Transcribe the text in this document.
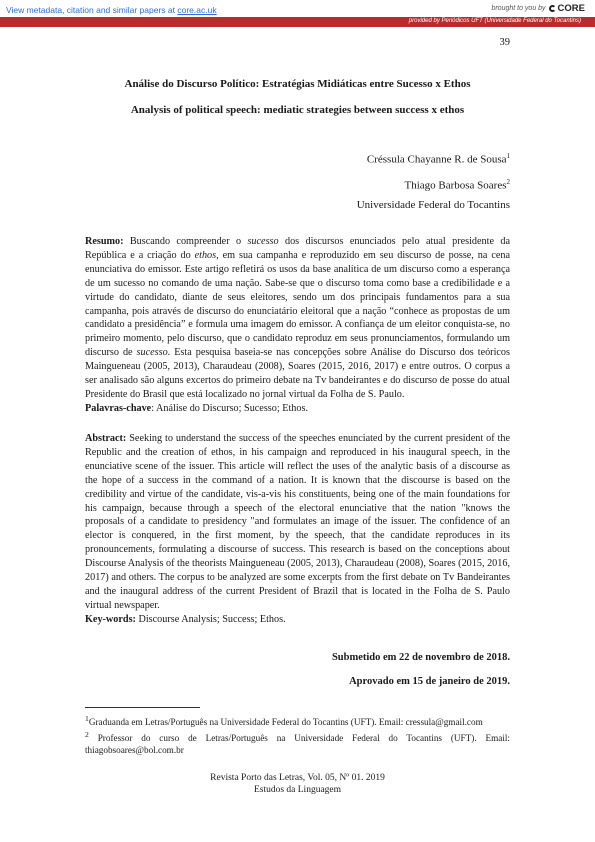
View metadata, citation and similar papers at core.ac.uk	brought to you by CORE
provided by Periódicos UFT (Universidade Federal do Tocantins)
39
Análise do Discurso Político: Estratégias Midiáticas entre Sucesso x Ethos
Analysis of political speech: mediatic strategies between success x ethos
Créssula Chayanne R. de Sousa$^1$
Thiago Barbosa Soares$^2$
Universidade Federal do Tocantins
Resumo: Buscando compreender o sucesso dos discursos enunciados pelo atual presidente da República e a criação do ethos, em sua campanha e reproduzido em seu discurso de posse, na cena enunciativa do emissor. Este artigo refletirá os usos da base analítica de um discurso como a esperança de um sucesso no comando de uma nação. Sabe-se que o discurso toma como base a credibilidade e a virtude do candidato, diante de seus eleitores, sendo um dos principais fundamentos para a sua campanha, pois através de discurso do enunciatário eleitoral que a nação “conhece as propostas de um candidato a presidência” e formula uma imagem do emissor. A confiança de um eleitor conquista-se, no primeiro momento, pelo discurso, que o candidato reproduz em seus pronunciamentos, formulando um discurso de sucesso. Esta pesquisa baseia-se nas concepções sobre Análise do Discurso dos teóricos Maingueneau (2005, 2013), Charaudeau (2008), Soares (2015, 2016, 2017) e entre outros. O corpus a ser analisado são alguns excertos do primeiro debate na Tv bandeirantes e do discurso de posse do atual Presidente do Brasil que está localizado no jornal virtual da Folha de S. Paulo.
Palavras-chave: Análise do Discurso; Sucesso; Ethos.
Abstract: Seeking to understand the success of the speeches enunciated by the current president of the Republic and the creation of ethos, in his campaign and reproduced in his inaugural speech, in the enunciative scene of the issuer. This article will reflect the uses of the analytic basis of a discourse as the hope of a success in the command of a nation. It is known that the discourse is based on the credibility and virtue of the candidate, vis-a-vis his constituents, being one of the main foundations for his campaign, because through a speech of the electoral enunciative that the nation "knows the proposals of a candidate to presidency "and formulates an image of the issuer. The confidence of an elector is conquered, in the first moment, by the speech, that the candidate reproduces in its pronouncements, formulating a discourse of success. This research is based on the conceptions about Discourse Analysis of the theorists Maingueneau (2005, 2013), Charaudeau (2008), Soares (2015, 2016, 2017) and others. The corpus to be analyzed are some excerpts from the first debate on Tv Bandeirantes and the inaugural address of the current President of Brazil that is located in the Folha de S. Paulo virtual newspaper.
Key-words: Discourse Analysis; Success; Ethos.
Submetido em 22 de novembro de 2018.
Aprovado em 15 de janeiro de 2019.

$^1$Graduanda em Letras/Português na Universidade Federal do Tocantins (UFT). Email: cressula@gmail.com

$^2$ Professor do curso de Letras/Português na Universidade Federal do Tocantins (UFT). Email: thiagobsoares@bol.com.br

Revista Porto das Letras, Vol. 05, Nº 01. 2019
Estudos da Linguagem
